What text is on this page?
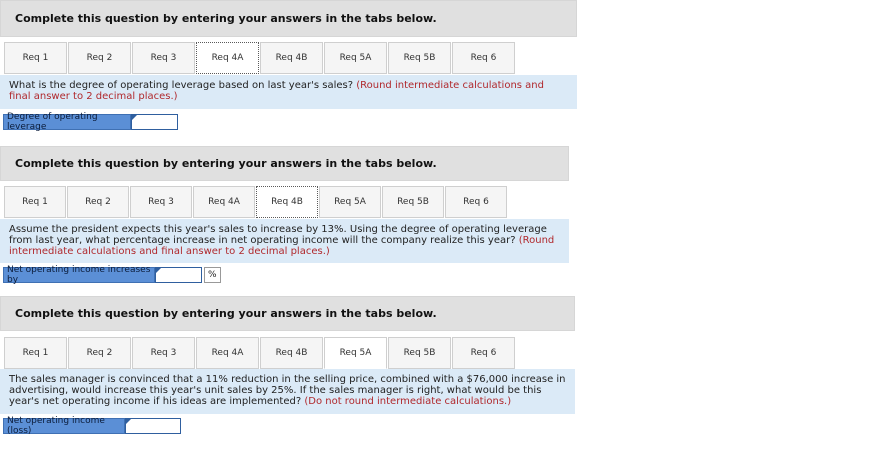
Complete this question by entering your answers in the tabs below.
Req 1	Req 2	Req 3	Req 4A	Req 4B	Req 5A	Req 5B	Req 6
What is the degree of operating leverage based on last year's sales? (Round intermediate calculations and final answer to 2 decimal places.)
Degree of operating leverage
Complete this question by entering your answers in the tabs below.
Req 1	Req 2	Req 3	Req 4A	Req 4B	Req 5A	Req 5B	Req 6
Assume the president expects this year's sales to increase by 13%. Using the degree of operating leverage from last year, what percentage increase in net operating income will the company realize this year? (Round intermediate calculations and final answer to 2 decimal places.)
Net operating income increases by	%
Complete this question by entering your answers in the tabs below.
Req 1	Req 2	Req 3	Req 4A	Req 4B	Req 5A	Req 5B	Req 6
The sales manager is convinced that a 11% reduction in the selling price, combined with a $76,000 increase in advertising, would increase this year's unit sales by 25%. If the sales manager is right, what would be this year's net operating income if his ideas are implemented? (Do not round intermediate calculations.)
Net operating income (loss)
